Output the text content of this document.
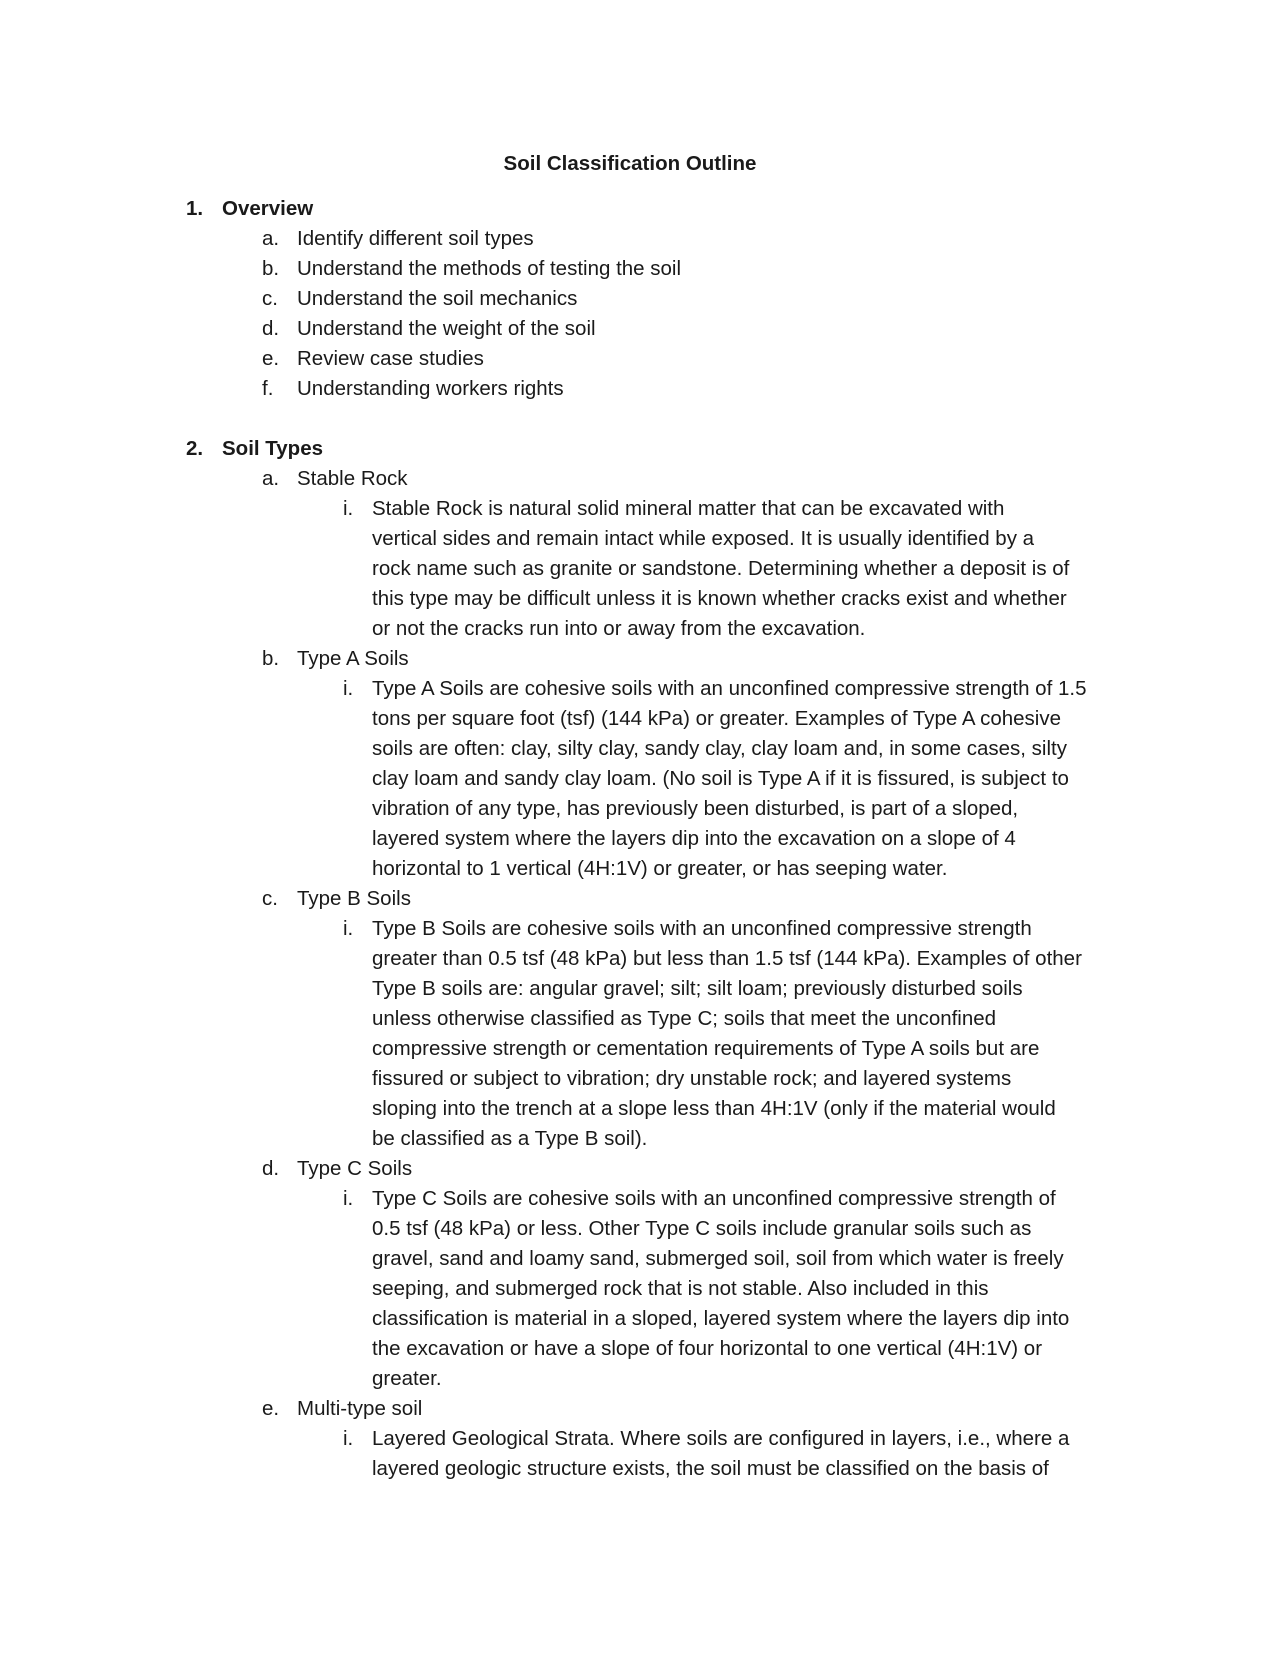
Soil Classification Outline
1. Overview
a. Identify different soil types
b. Understand the methods of testing the soil
c. Understand the soil mechanics
d. Understand the weight of the soil
e. Review case studies
f. Understanding workers rights
2. Soil Types
a. Stable Rock
i. Stable Rock is natural solid mineral matter that can be excavated with
vertical sides and remain intact while exposed. It is usually identified by a
rock name such as granite or sandstone. Determining whether a deposit is of
this type may be difficult unless it is known whether cracks exist and whether
or not the cracks run into or away from the excavation.
b. Type A Soils
i. Type A Soils are cohesive soils with an unconfined compressive strength of 1.5
tons per square foot (tsf) (144 kPa) or greater. Examples of Type A cohesive
soils are often: clay, silty clay, sandy clay, clay loam and, in some cases, silty
clay loam and sandy clay loam. (No soil is Type A if it is fissured, is subject to
vibration of any type, has previously been disturbed, is part of a sloped,
layered system where the layers dip into the excavation on a slope of 4
horizontal to 1 vertical (4H:1V) or greater, or has seeping water.
c. Type B Soils
i. Type B Soils are cohesive soils with an unconfined compressive strength
greater than 0.5 tsf (48 kPa) but less than 1.5 tsf (144 kPa). Examples of other
Type B soils are: angular gravel; silt; silt loam; previously disturbed soils
unless otherwise classified as Type C; soils that meet the unconfined
compressive strength or cementation requirements of Type A soils but are
fissured or subject to vibration; dry unstable rock; and layered systems
sloping into the trench at a slope less than 4H:1V (only if the material would
be classified as a Type B soil).
d. Type C Soils
i. Type C Soils are cohesive soils with an unconfined compressive strength of
0.5 tsf (48 kPa) or less. Other Type C soils include granular soils such as
gravel, sand and loamy sand, submerged soil, soil from which water is freely
seeping, and submerged rock that is not stable. Also included in this
classification is material in a sloped, layered system where the layers dip into
the excavation or have a slope of four horizontal to one vertical (4H:1V) or
greater.
e. Multi-type soil
i. Layered Geological Strata. Where soils are configured in layers, i.e., where a
layered geologic structure exists, the soil must be classified on the basis of
